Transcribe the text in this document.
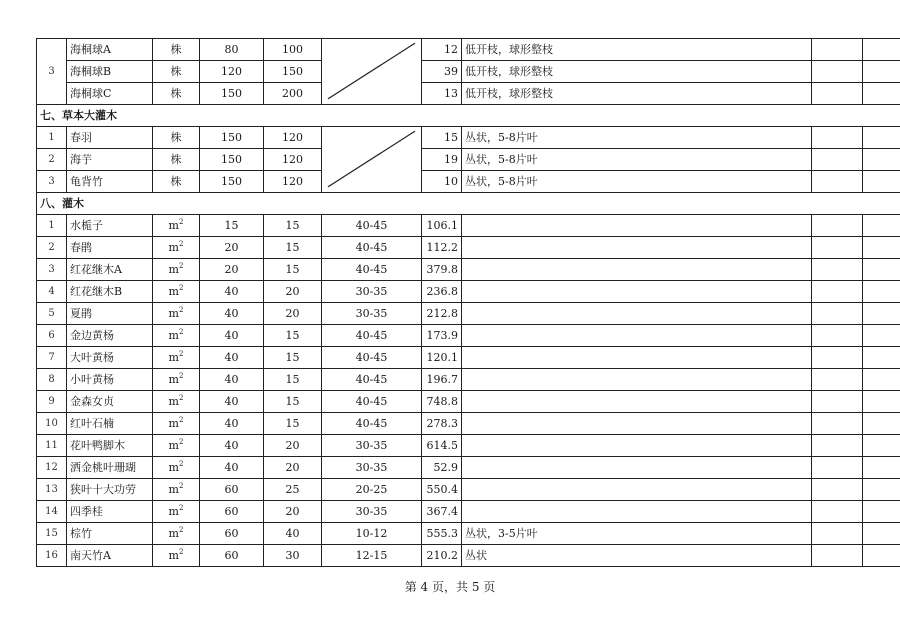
3	海桐球A	株	80	100		12	低开枝，球形整枝		
	海桐球B	株	120	150		39	低开枝，球形整枝		
	海桐球C	株	150	200		13	低开枝，球形整枝		
七、草本大灌木									
1	春羽	株	150	120		15	丛状，5-8片叶		
2	海芋	株	150	120		19	丛状，5-8片叶		
3	龟背竹	株	150	120		10	丛状，5-8片叶		
八、灌木									
1	水栀子	$m^2$	15	15	40-45	106.1			
2	春鹃	$m^2$	20	15	40-45	112.2			
3	红花继木A	$m^2$	20	15	40-45	379.8			
4	红花继木B	$m^2$	40	20	30-35	236.8			
5	夏鹃	$m^2$	40	20	30-35	212.8			
6	金边黄杨	$m^2$	40	15	40-45	173.9			
7	大叶黄杨	$m^2$	40	15	40-45	120.1			
8	小叶黄杨	$m^2$	40	15	40-45	196.7			
9	金森女贞	$m^2$	40	15	40-45	748.8			
10	红叶石楠	$m^2$	40	15	40-45	278.3			
11	花叶鸭脚木	$m^2$	40	20	30-35	614.5			
12	洒金桃叶珊瑚	$m^2$	40	20	30-35	52.9			
13	狭叶十大功劳	$m^2$	60	25	20-25	550.4			
14	四季桂	$m^2$	60	20	30-35	367.4			
15	棕竹	$m^2$	60	40	10-12	555.3	丛状，3-5片叶		
16	南天竹A	$m^2$	60	30	12-15	210.2	丛状		
第 4 页，共 5 页
